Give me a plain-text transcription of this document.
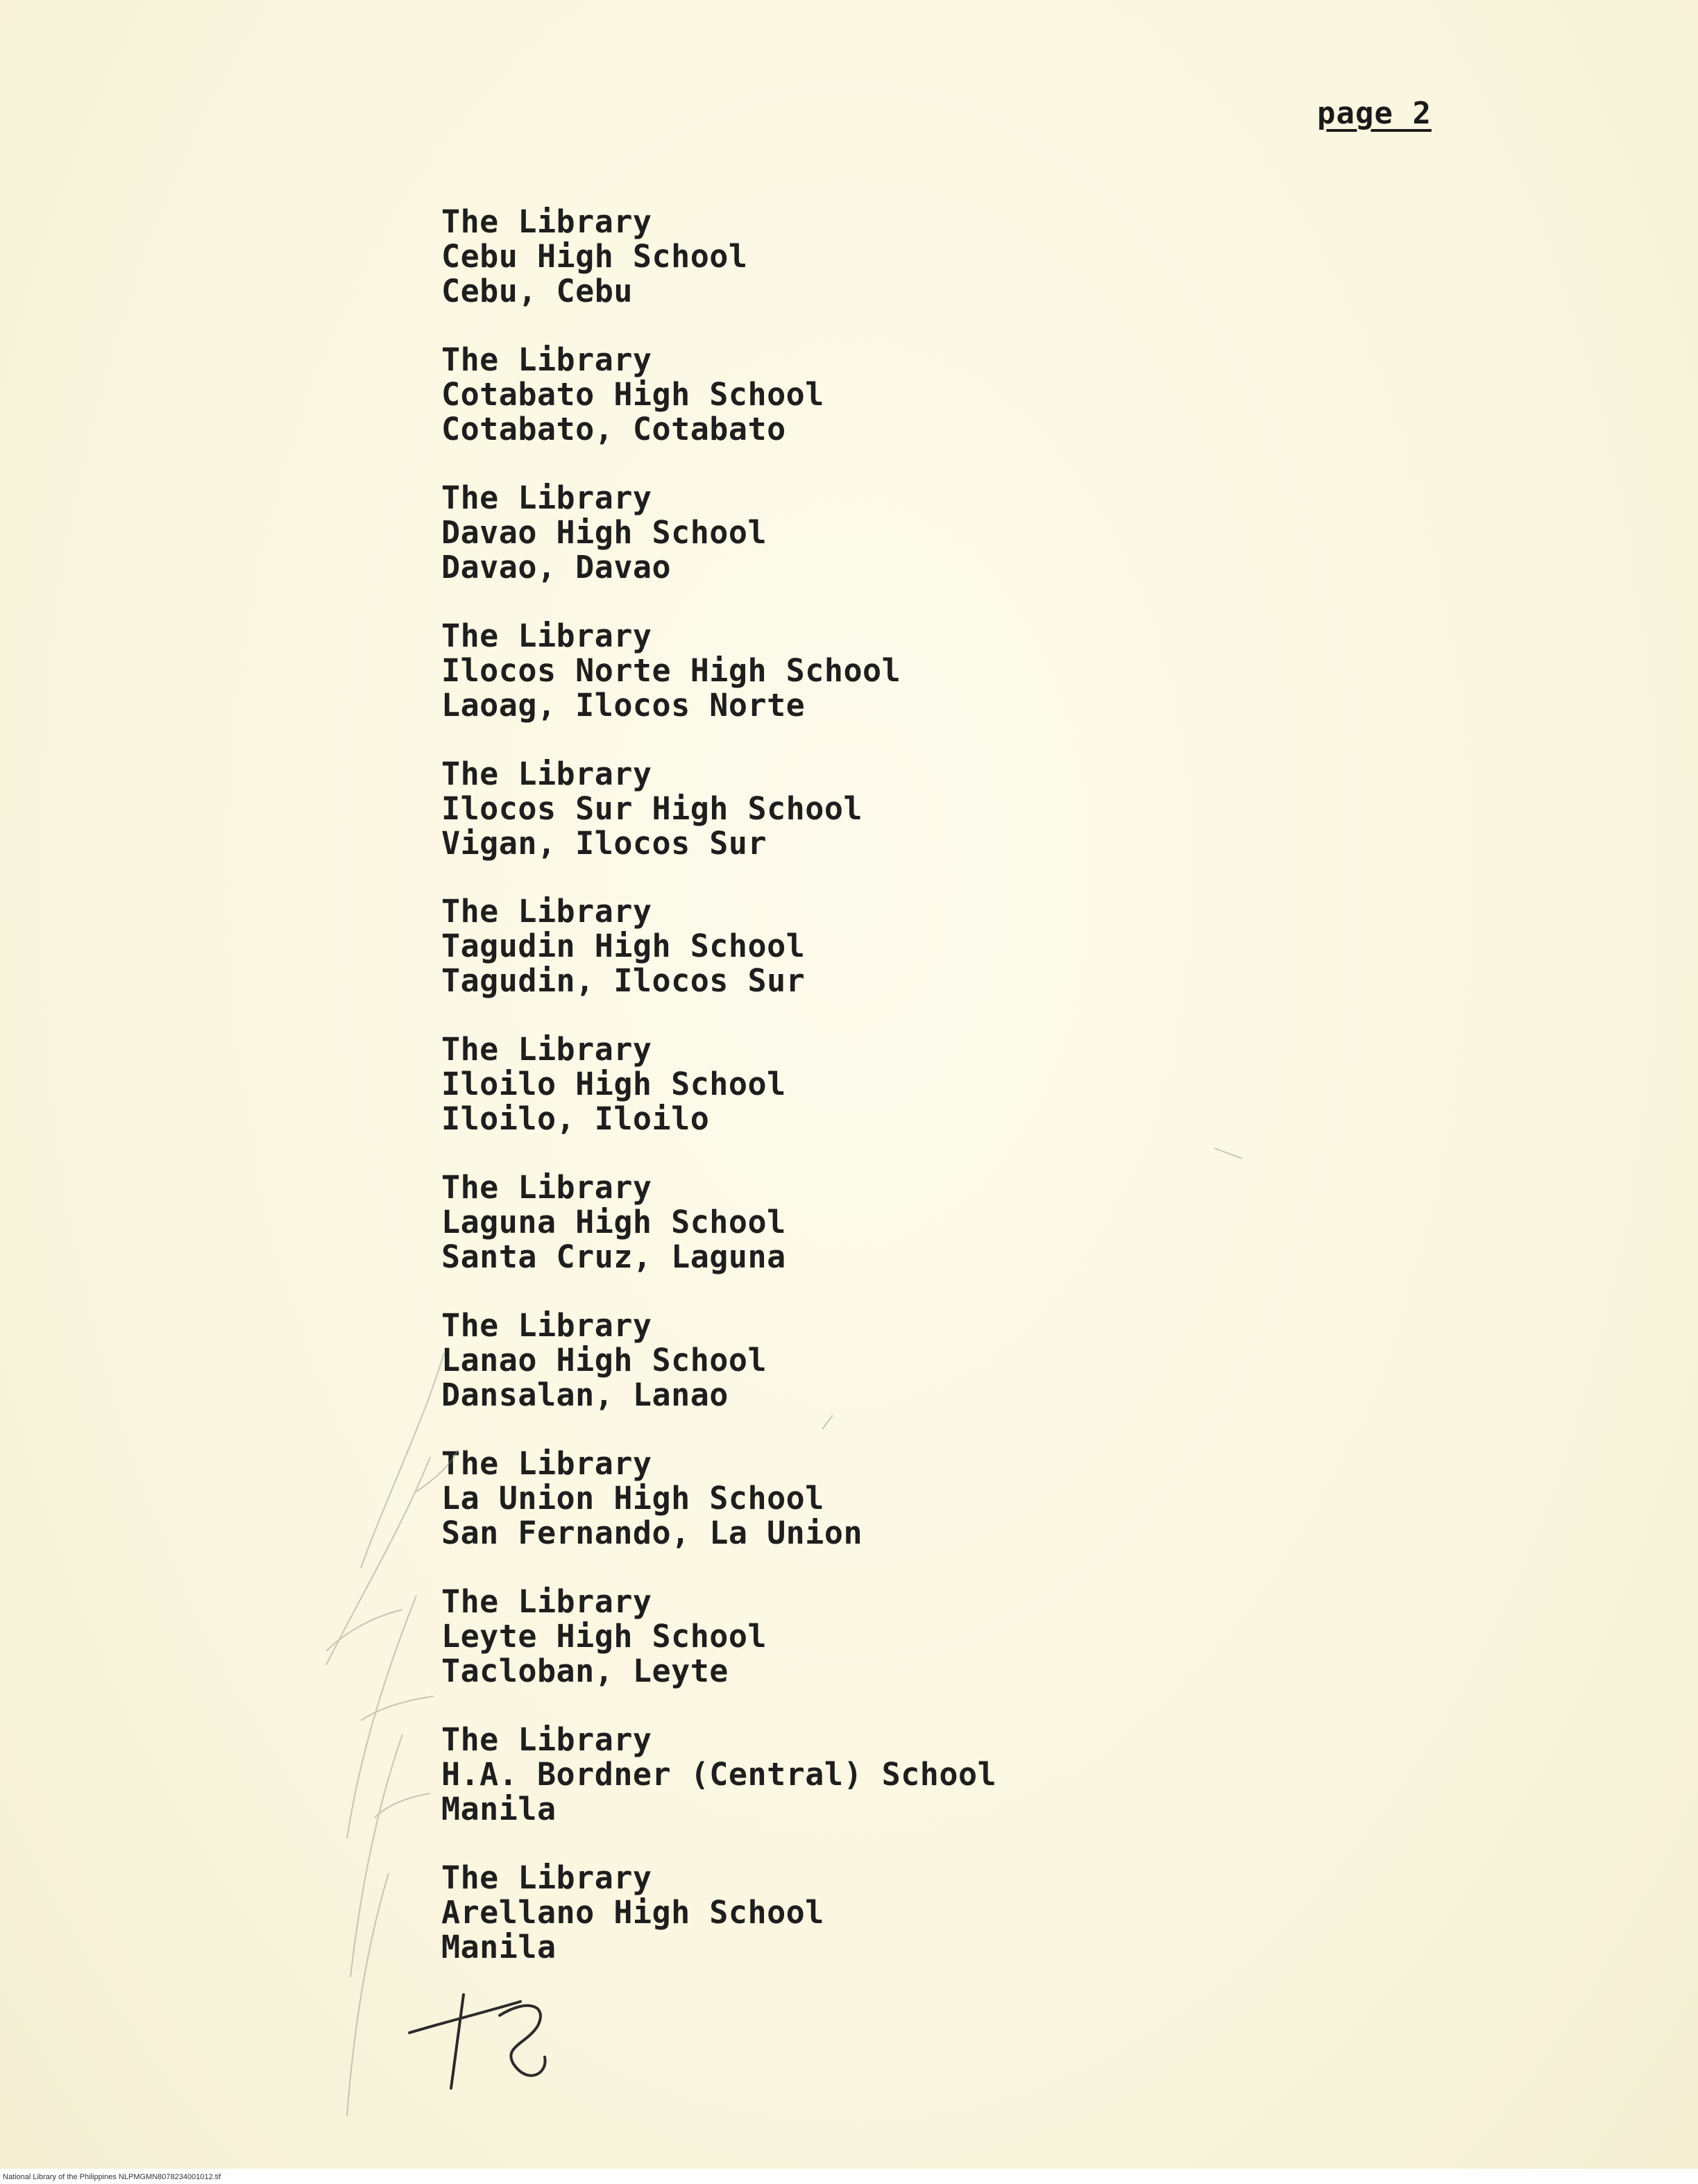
page 2
The Library
Cebu High School
Cebu, Cebu
The Library
Cotabato High School
Cotabato, Cotabato
The Library
Davao High School
Davao, Davao
The Library
Ilocos Norte High School
Laoag, Ilocos Norte
The Library
Ilocos Sur High School
Vigan, Ilocos Sur
The Library
Tagudin High School
Tagudin, Ilocos Sur
The Library
Iloilo High School
Iloilo, Iloilo
The Library
Laguna High School
Santa Cruz, Laguna
The Library
Lanao High School
Dansalan, Lanao
The Library
La Union High School
San Fernando, La Union
The Library
Leyte High School
Tacloban, Leyte
The Library
H.A. Bordner (Central) School
Manila
The Library
Arellano High School
Manila
National Library of the Philippines NLPMGMN8078234001012.tif
